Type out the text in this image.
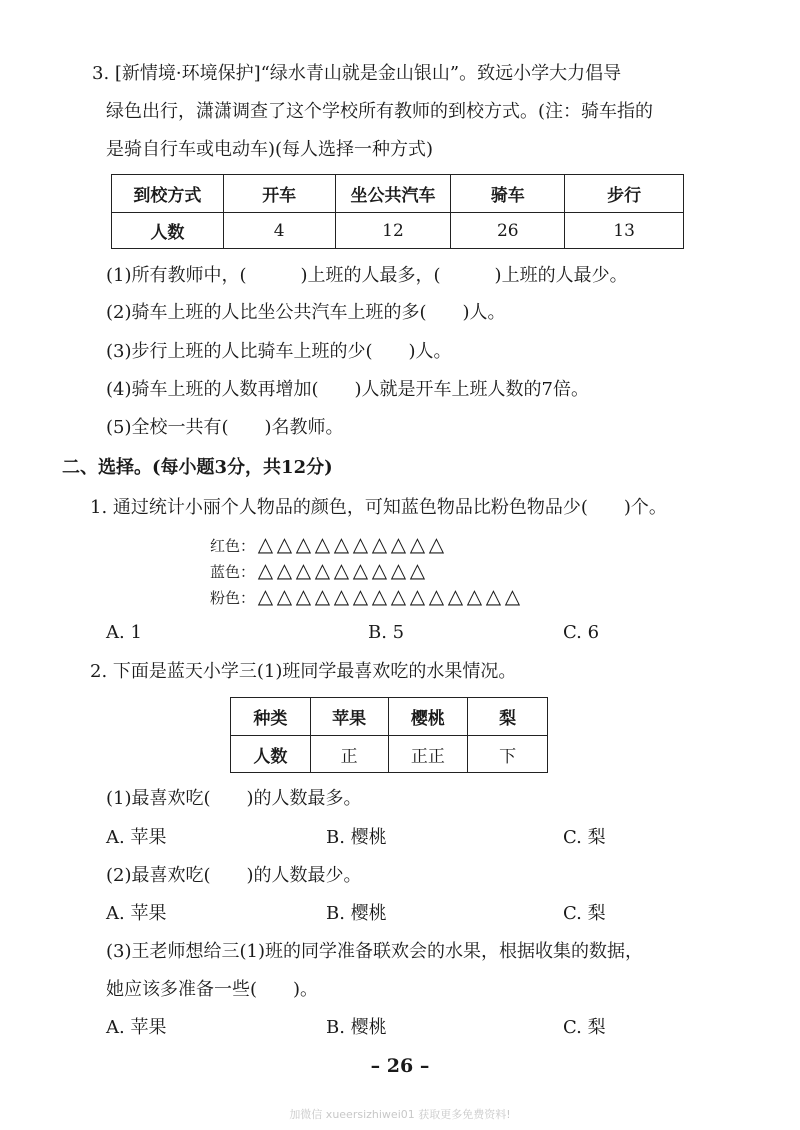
3. [新情境·环境保护]“绿水青山就是金山银山”。致远小学大力倡导
绿色出行，潇潇调查了这个学校所有教师的到校方式。(注：骑车指的
是骑自行车或电动车)(每人选择一种方式)
到校方式	开车	坐公共汽车	骑车	步行
人数	4	12	26	13
(1)所有教师中，(　　　)上班的人最多，(　　　)上班的人最少。
(2)骑车上班的人比坐公共汽车上班的多(　　)人。
(3)步行上班的人比骑车上班的少(　　)人。
(4)骑车上班的人数再增加(　　)人就是开车上班人数的7倍。
(5)全校一共有(　　)名教师。
二、选择。(每小题3分，共12分)
1. 通过统计小丽个人物品的颜色，可知蓝色物品比粉色物品少(　　)个。
红色： △ △ △ △ △ △ △ △ △ △
蓝色： △ △ △ △ △ △ △ △ △
粉色： △ △ △ △ △ △ △ △ △ △ △ △ △ △
A. 1	B. 5	C. 6
2. 下面是蓝天小学三(1)班同学最喜欢吃的水果情况。
种类	苹果	樱桃	梨
人数	正	正正	下
(1)最喜欢吃(　　)的人数最多。
A. 苹果	B. 樱桃	C. 梨
(2)最喜欢吃(　　)的人数最少。
A. 苹果	B. 樱桃	C. 梨
(3)王老师想给三(1)班的同学准备联欢会的水果，根据收集的数据，
她应该多准备一些(　　)。
A. 苹果	B. 樱桃	C. 梨
– 26 –
加微信 xueersizhiwei01 获取更多免费资料!
